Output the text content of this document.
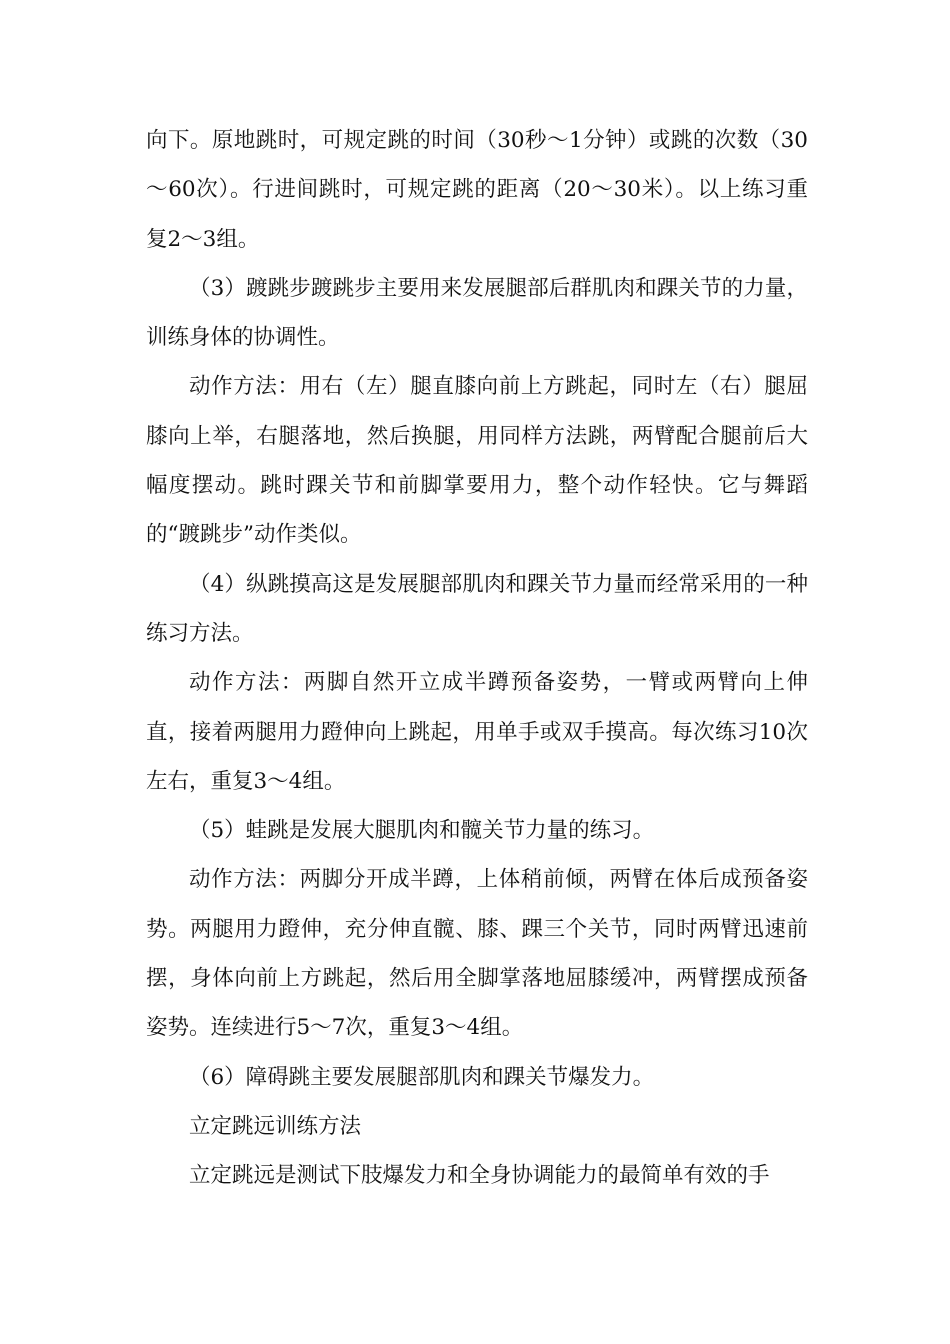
向下。原地跳时，可规定跳的时间（30秒～1分钟）或跳的次数（30～60次）。行进间跳时，可规定跳的距离（20～30米）。以上练习重复2～3组。

（3）踱跳步踱跳步主要用来发展腿部后群肌肉和踝关节的力量，训练身体的协调性。

动作方法：用右（左）腿直膝向前上方跳起，同时左（右）腿屈膝向上举，右腿落地，然后换腿，用同样方法跳，两臂配合腿前后大幅度摆动。跳时踝关节和前脚掌要用力，整个动作轻快。它与舞蹈的“踱跳步”动作类似。

（4）纵跳摸高这是发展腿部肌肉和踝关节力量而经常采用的一种练习方法。

动作方法：两脚自然开立成半蹲预备姿势，一臂或两臂向上伸直，接着两腿用力蹬伸向上跳起，用单手或双手摸高。每次练习10次左右，重复3～4组。

（5）蛙跳是发展大腿肌肉和髋关节力量的练习。

动作方法：两脚分开成半蹲，上体稍前倾，两臂在体后成预备姿势。两腿用力蹬伸，充分伸直髋、膝、踝三个关节，同时两臂迅速前摆，身体向前上方跳起，然后用全脚掌落地屈膝缓冲，两臂摆成预备姿势。连续进行5～7次，重复3～4组。

（6）障碍跳主要发展腿部肌肉和踝关节爆发力。

立定跳远训练方法

立定跳远是测试下肢爆发力和全身协调能力的最简单有效的手
